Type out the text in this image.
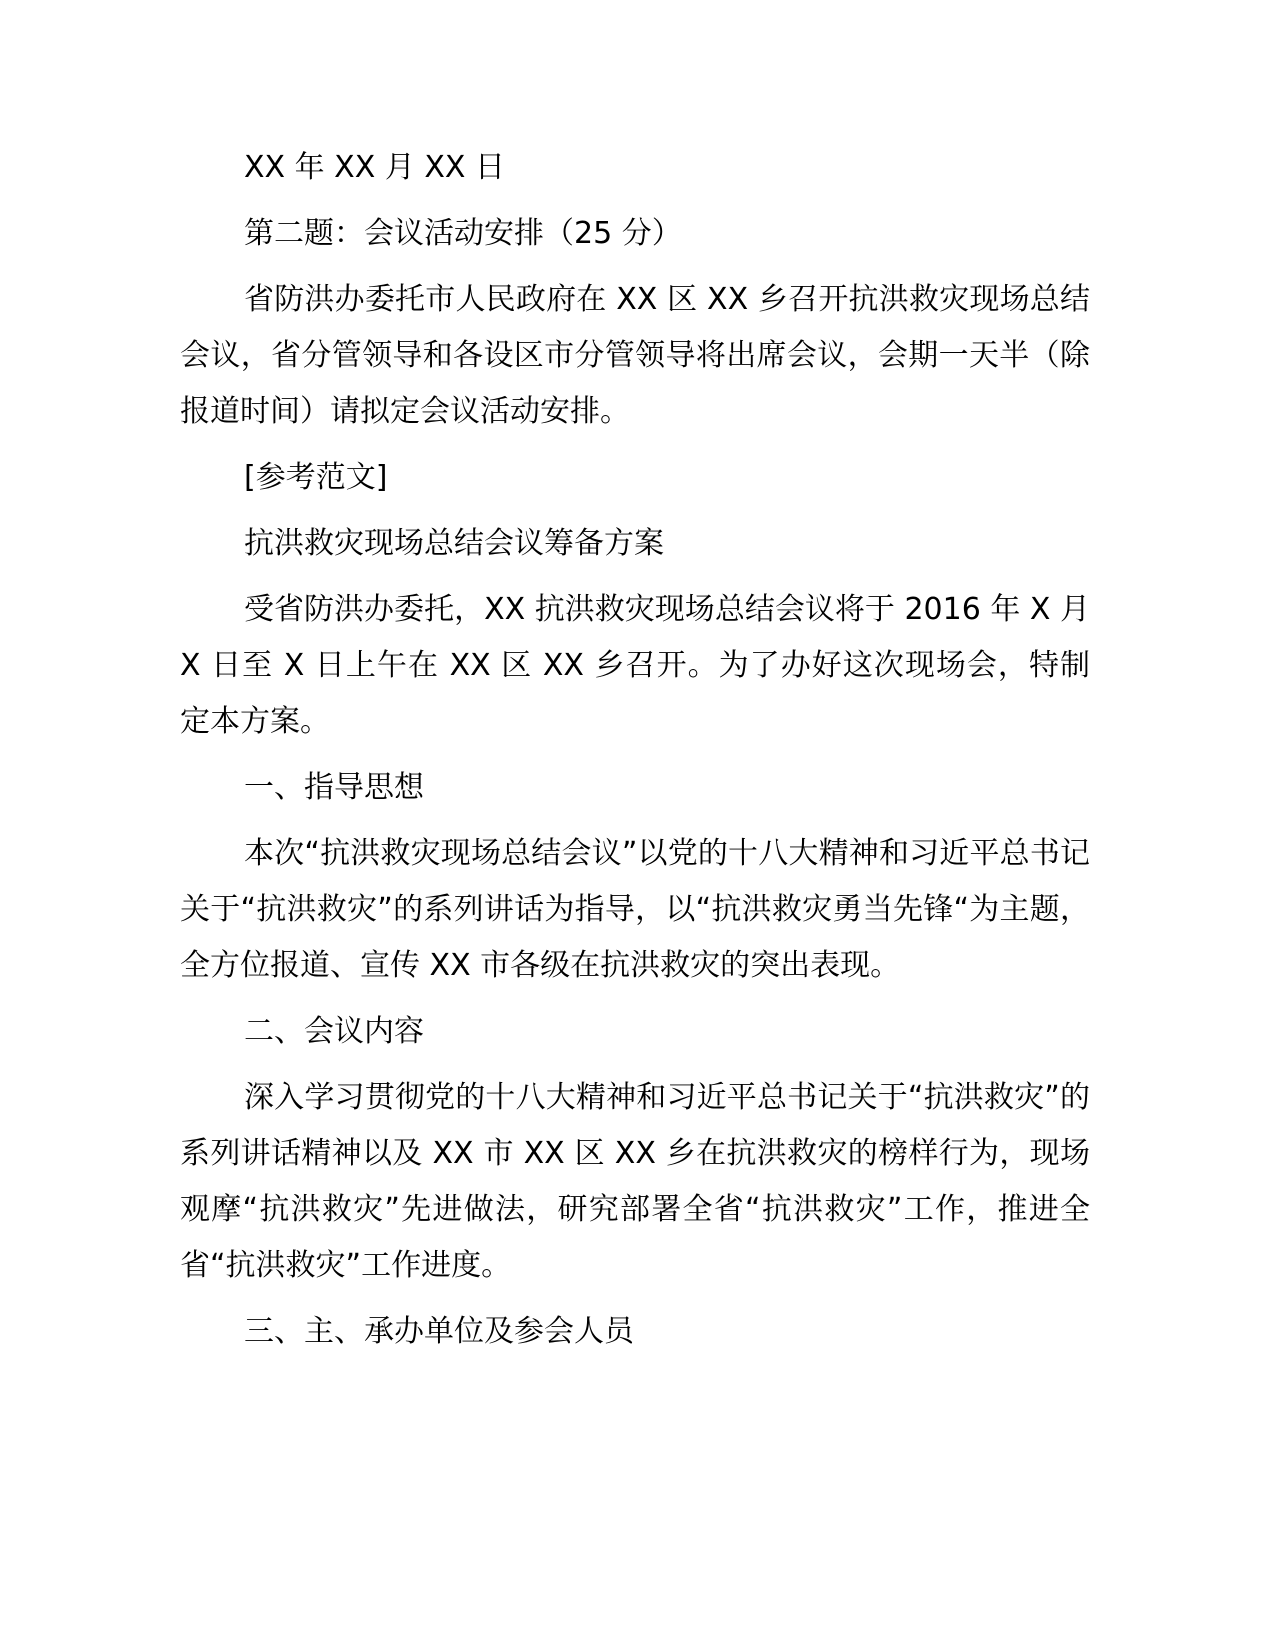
XX 年 XX 月 XX 日

第二题：会议活动安排（25 分）

省防洪办委托市人民政府在 XX 区 XX 乡召开抗洪救灾现场总结会议，省分管领导和各设区市分管领导将出席会议，会期一天半（除报道时间）请拟定会议活动安排。

[参考范文]

抗洪救灾现场总结会议筹备方案

受省防洪办委托，XX 抗洪救灾现场总结会议将于 2016 年 X 月 X 日至 X 日上午在 XX 区 XX 乡召开。为了办好这次现场会，特制定本方案。

一、指导思想

本次“抗洪救灾现场总结会议”以党的十八大精神和习近平总书记关于“抗洪救灾”的系列讲话为指导，以“抗洪救灾勇当先锋“为主题，全方位报道、宣传 XX 市各级在抗洪救灾的突出表现。

二、会议内容

深入学习贯彻党的十八大精神和习近平总书记关于“抗洪救灾”的系列讲话精神以及 XX 市 XX 区 XX 乡在抗洪救灾的榜样行为，现场观摩“抗洪救灾”先进做法，研究部署全省“抗洪救灾”工作，推进全省“抗洪救灾”工作进度。

三、主、承办单位及参会人员
